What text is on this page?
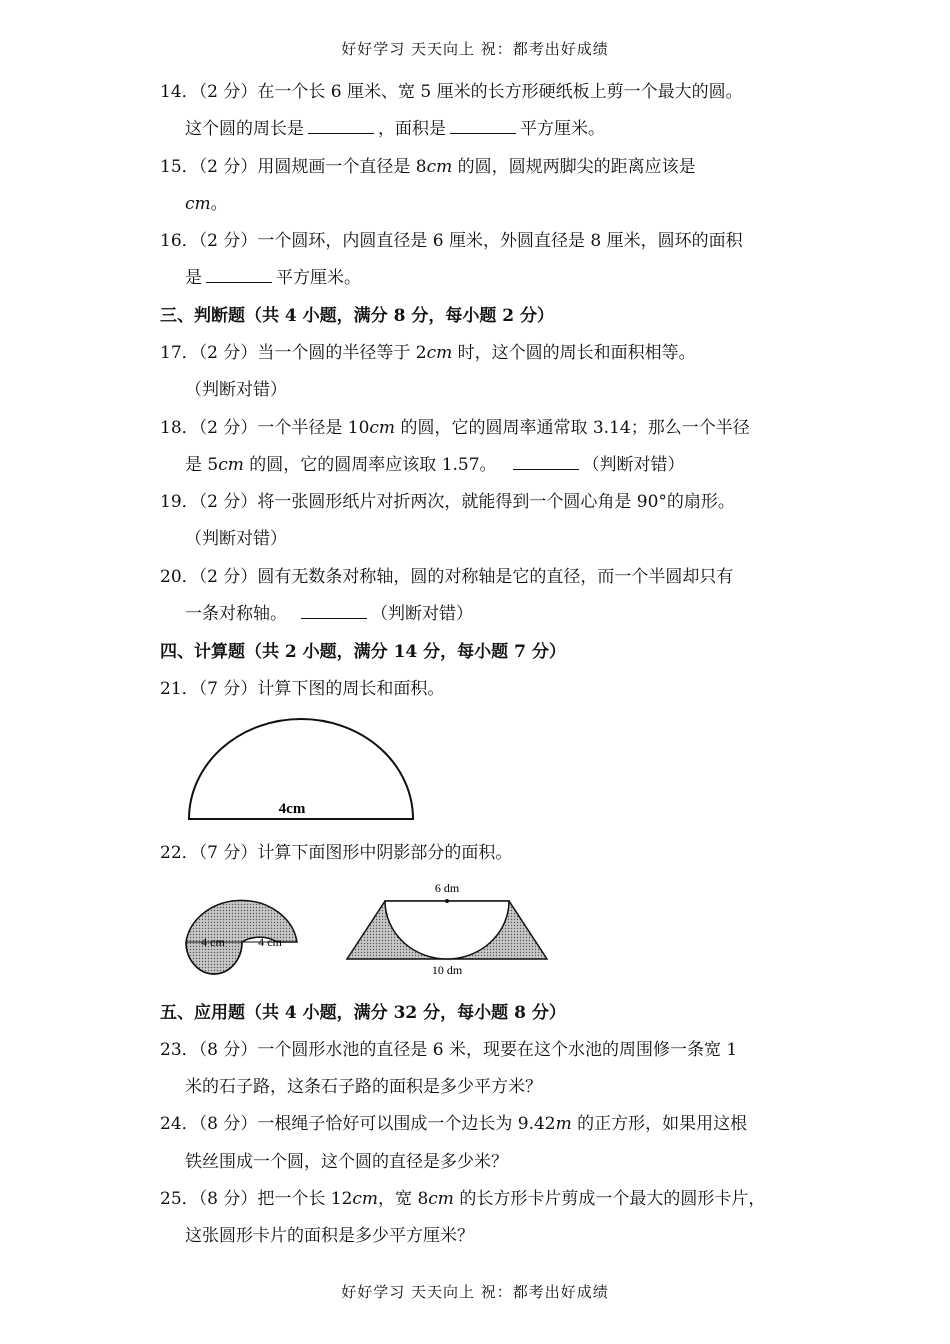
好好学习 天天向上 祝：都考出好成绩
14．（2 分）在一个长 6 厘米、宽 5 厘米的长方形硬纸板上剪一个最大的圆。
这个圆的周长是	，面积是	平方厘米。
15．（2 分）用圆规画一个直径是 8cm 的圆，圆规两脚尖的距离应该是
cm。
16．（2 分）一个圆环，内圆直径是 6 厘米，外圆直径是 8 厘米，圆环的面积
是	平方厘米。
三、判断题（共 4 小题，满分 8 分，每小题 2 分）
17．（2 分）当一个圆的半径等于 2cm 时，这个圆的周长和面积相等。
（判断对错）
18．（2 分）一个半径是 10cm 的圆，它的圆周率通常取 3.14；那么一个半径
是 5cm 的圆，它的圆周率应该取 1.57。	（判断对错）
19．（2 分）将一张圆形纸片对折两次，就能得到一个圆心角是 90°的扇形。
（判断对错）
20．（2 分）圆有无数条对称轴，圆的对称轴是它的直径，而一个半圆却只有
一条对称轴。	（判断对错）
四、计算题（共 2 小题，满分 14 分，每小题 7 分）
21．（7 分）计算下图的周长和面积。
4cm
22．（7 分）计算下面图形中阴影部分的面积。
4 cm	4 cm
6 dm
10 dm
五、应用题（共 4 小题，满分 32 分，每小题 8 分）
23．（8 分）一个圆形水池的直径是 6 米，现要在这个水池的周围修一条宽 1
米的石子路，这条石子路的面积是多少平方米？
24．（8 分）一根绳子恰好可以围成一个边长为 9.42m 的正方形，如果用这根
铁丝围成一个圆，这个圆的直径是多少米？
25．（8 分）把一个长 12cm，宽 8cm 的长方形卡片剪成一个最大的圆形卡片，
这张圆形卡片的面积是多少平方厘米？
好好学习 天天向上 祝：都考出好成绩
